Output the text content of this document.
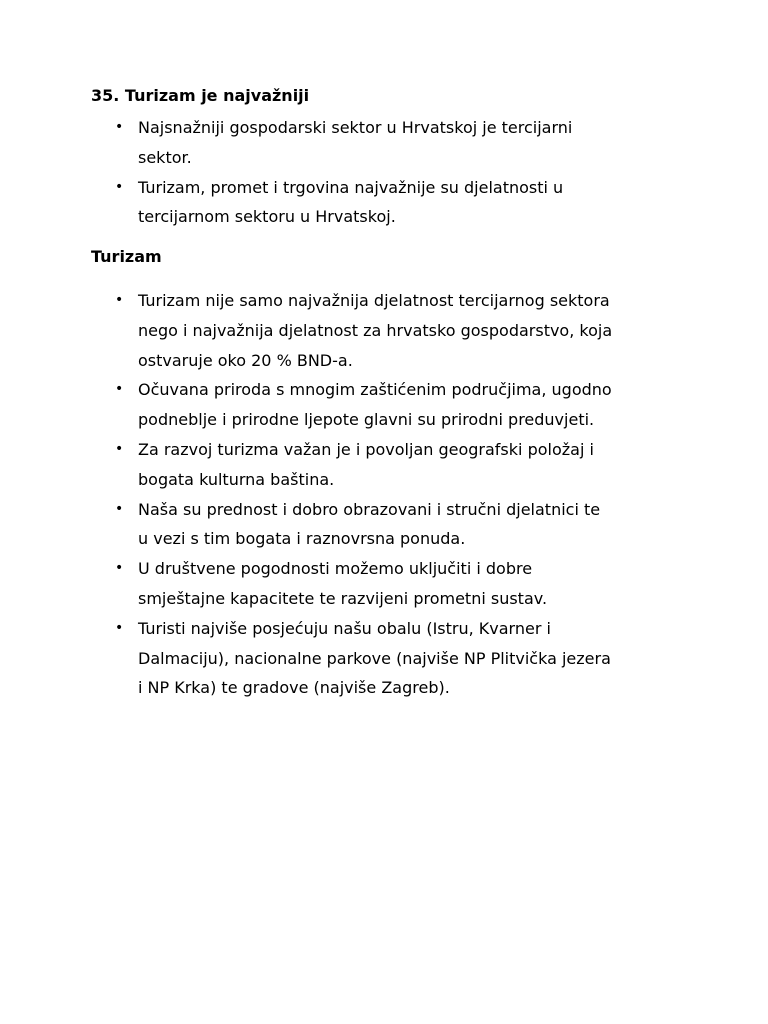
35. Turizam je najvažniji
• Najsnažniji gospodarski sektor u Hrvatskoj je tercijarni
sektor.
• Turizam, promet i trgovina najvažnije su djelatnosti u
tercijarnom sektoru u Hrvatskoj.
Turizam
• Turizam nije samo najvažnija djelatnost tercijarnog sektora
nego i najvažnija djelatnost za hrvatsko gospodarstvo, koja
ostvaruje oko 20 % BND-a.
• Očuvana priroda s mnogim zaštićenim područjima, ugodno
podneblje i prirodne ljepote glavni su prirodni preduvjeti.
• Za razvoj turizma važan je i povoljan geografski položaj i
bogata kulturna baština.
• Naša su prednost i dobro obrazovani i stručni djelatnici te
u vezi s tim bogata i raznovrsna ponuda.
• U društvene pogodnosti možemo uključiti i dobre
smještajne kapacitete te razvijeni prometni sustav.
• Turisti najviše posjećuju našu obalu (Istru, Kvarner i
Dalmaciju), nacionalne parkove (najviše NP Plitvička jezera
i NP Krka) te gradove (najviše Zagreb).
